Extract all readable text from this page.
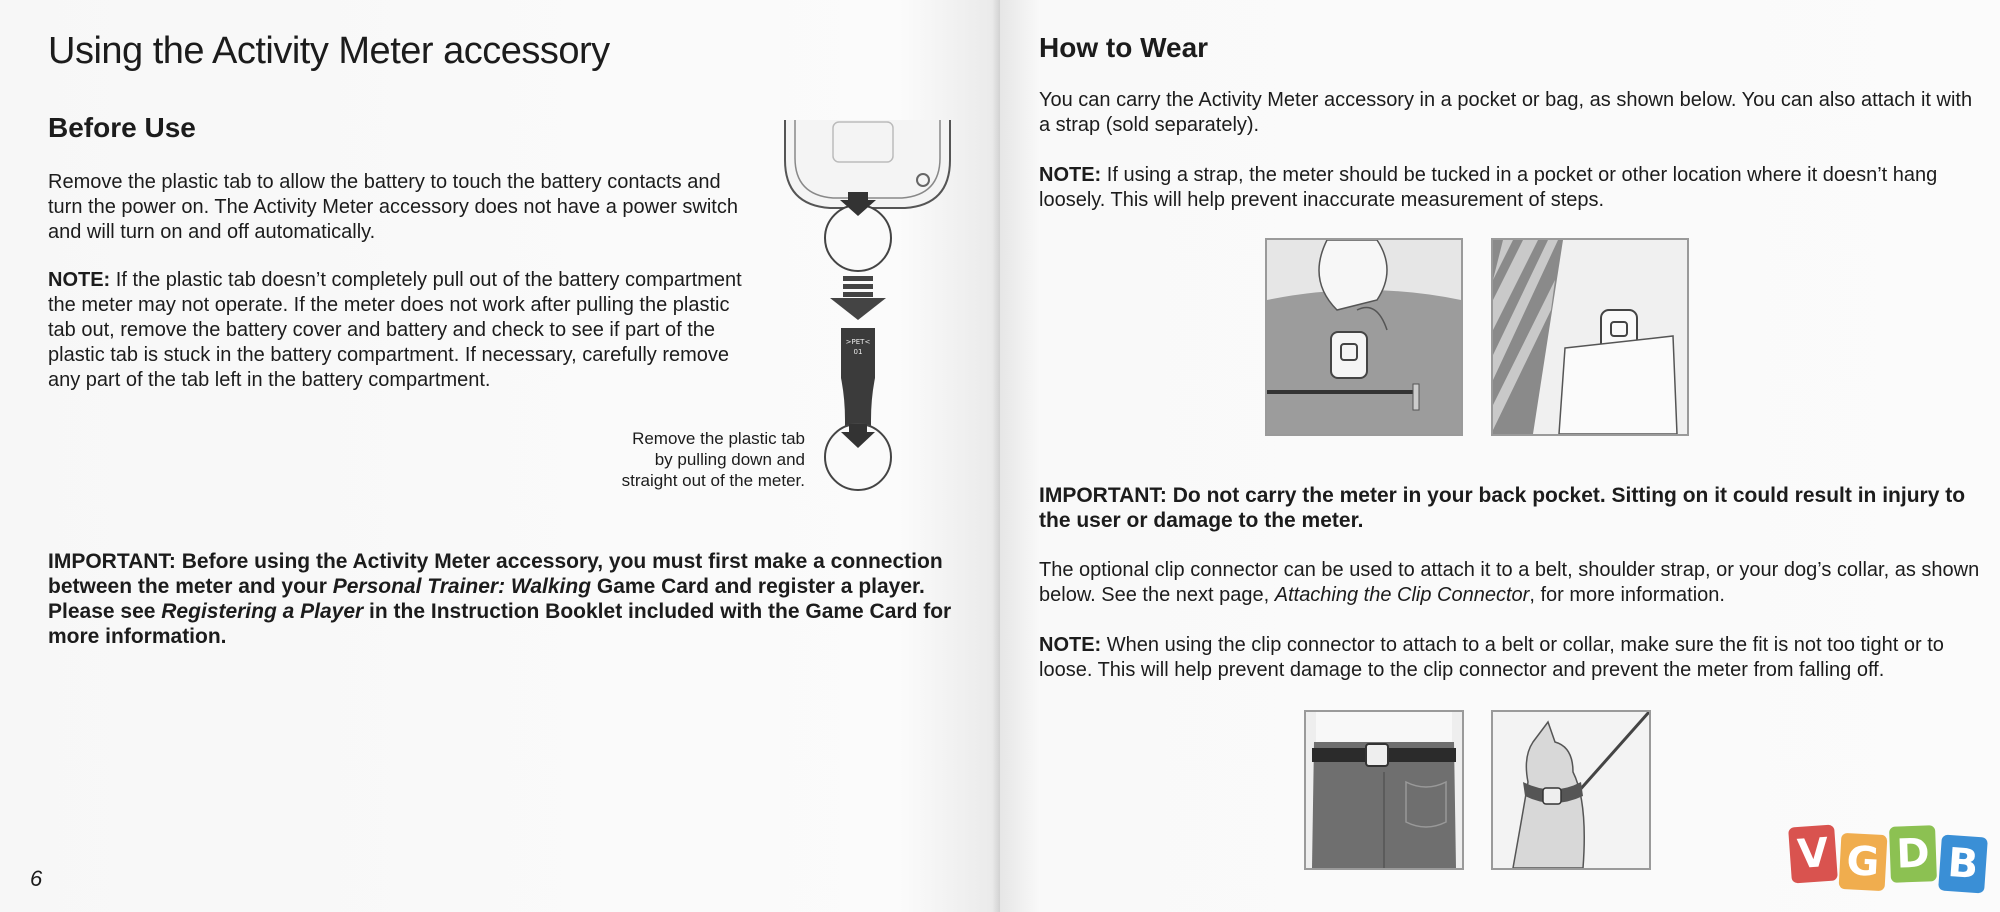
Using the Activity Meter accessory
Before Use

Remove the plastic tab to allow the battery to touch the battery contacts and turn the power on. The Activity Meter accessory does not have a power switch and will turn on and off automatically.

NOTE: If the plastic tab doesn’t completely pull out of the battery compartment the meter may not operate. If the meter does not work after pulling the plastic tab out, remove the battery cover and battery and check to see if part of the plastic tab is stuck in the battery compartment. If necessary, carefully remove any part of the tab left in the battery compartment.

>PET<
01
Remove the plastic tab
by pulling down and
straight out of the meter.

IMPORTANT: Before using the Activity Meter accessory, you must first make a connection between the meter and your Personal Trainer: Walking Game Card and register a player. Please see Registering a Player in the Instruction Booklet included with the Game Card for more information.

6
How to Wear

You can carry the Activity Meter accessory in a pocket or bag, as shown below. You can also attach it with a strap (sold separately).

NOTE: If using a strap, the meter should be tucked in a pocket or other location where it doesn’t hang loosely. This will help prevent inaccurate measurement of steps.

IMPORTANT: Do not carry the meter in your back pocket. Sitting on it could result in injury to the user or damage to the meter.

The optional clip connector can be used to attach it to a belt, shoulder strap, or your dog’s collar, as shown below. See the next page, Attaching the Clip Connector, for more information.

NOTE: When using the clip connector to attach to a belt or collar, make sure the fit is not too tight or to loose. This will help prevent damage to the clip connector and prevent the meter from falling off.

V G D B
